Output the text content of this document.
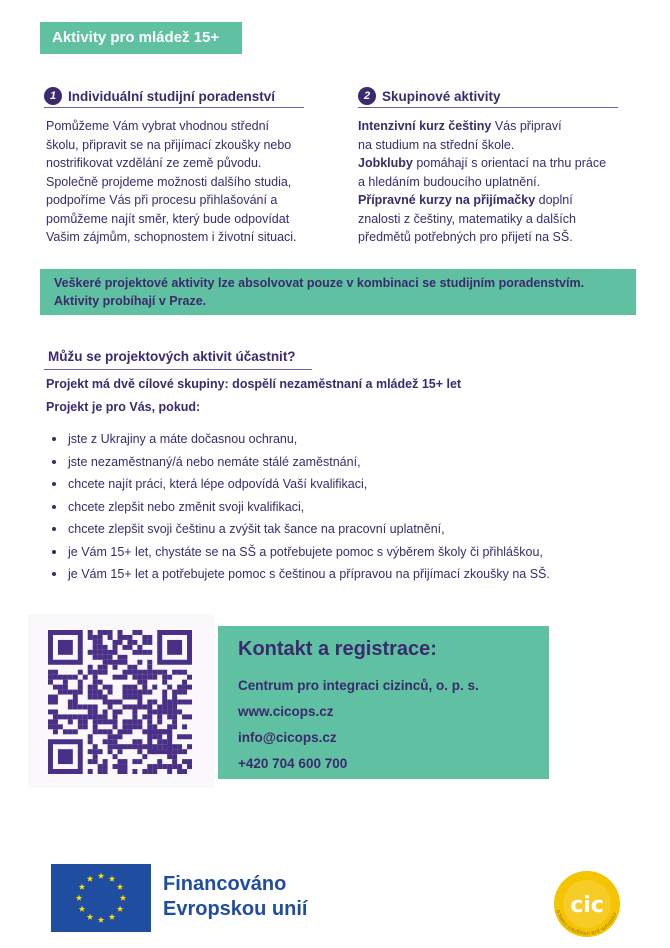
Aktivity pro mládež 15+
1 Individuální studijní poradenství
Pomůžeme Vám vybrat vhodnou střední
školu, připravit se na přijímací zkoušky nebo
nostrifikovat vzdělání ze země původu.
Společně projdeme možnosti dalšího studia,
podpoříme Vás při procesu přihlašování a
pomůžeme najít směr, který bude odpovídat
Vašim zájmům, schopnostem i životní situaci.
2 Skupinové aktivity
Intenzivní kurz češtiny Vás připraví
na studium na střední škole.
Jobkluby pomáhají s orientací na trhu práce
a hledáním budoucího uplatnění.
Přípravné kurzy na přijímačky doplní
znalosti z češtiny, matematiky a dalších
předmětů potřebných pro přijetí na SŠ.
Veškeré projektové aktivity lze absolvovat pouze v kombinaci se studijním poradenstvím.
Aktivity probíhají v Praze.
Můžu se projektových aktivit účastnit?
Projekt má dvě cílové skupiny: dospělí nezaměstnaní a mládež 15+ let
Projekt je pro Vás, pokud:
jste z Ukrajiny a máte dočasnou ochranu,
jste nezaměstnaný/á nebo nemáte stálé zaměstnání,
chcete najít práci, která lépe odpovídá Vaší kvalifikaci,
chcete zlepšit nebo změnit svoji kvalifikaci,
chcete zlepšit svoji češtinu a zvýšit tak šance na pracovní uplatnění,
je Vám 15+ let, chystáte se na SŠ a potřebujete pomoc s výběrem školy či přihláškou,
je Vám 15+ let a potřebujete pomoc s češtinou a přípravou na přijímací zkoušky na SŠ.
Kontakt a registrace:
Centrum pro integraci cizinců, o. p. s.
www.cicops.cz
info@cicops.cz
+420 704 600 700
Financováno
Evropskou unií	cic	centrum pro integraci cizinců
